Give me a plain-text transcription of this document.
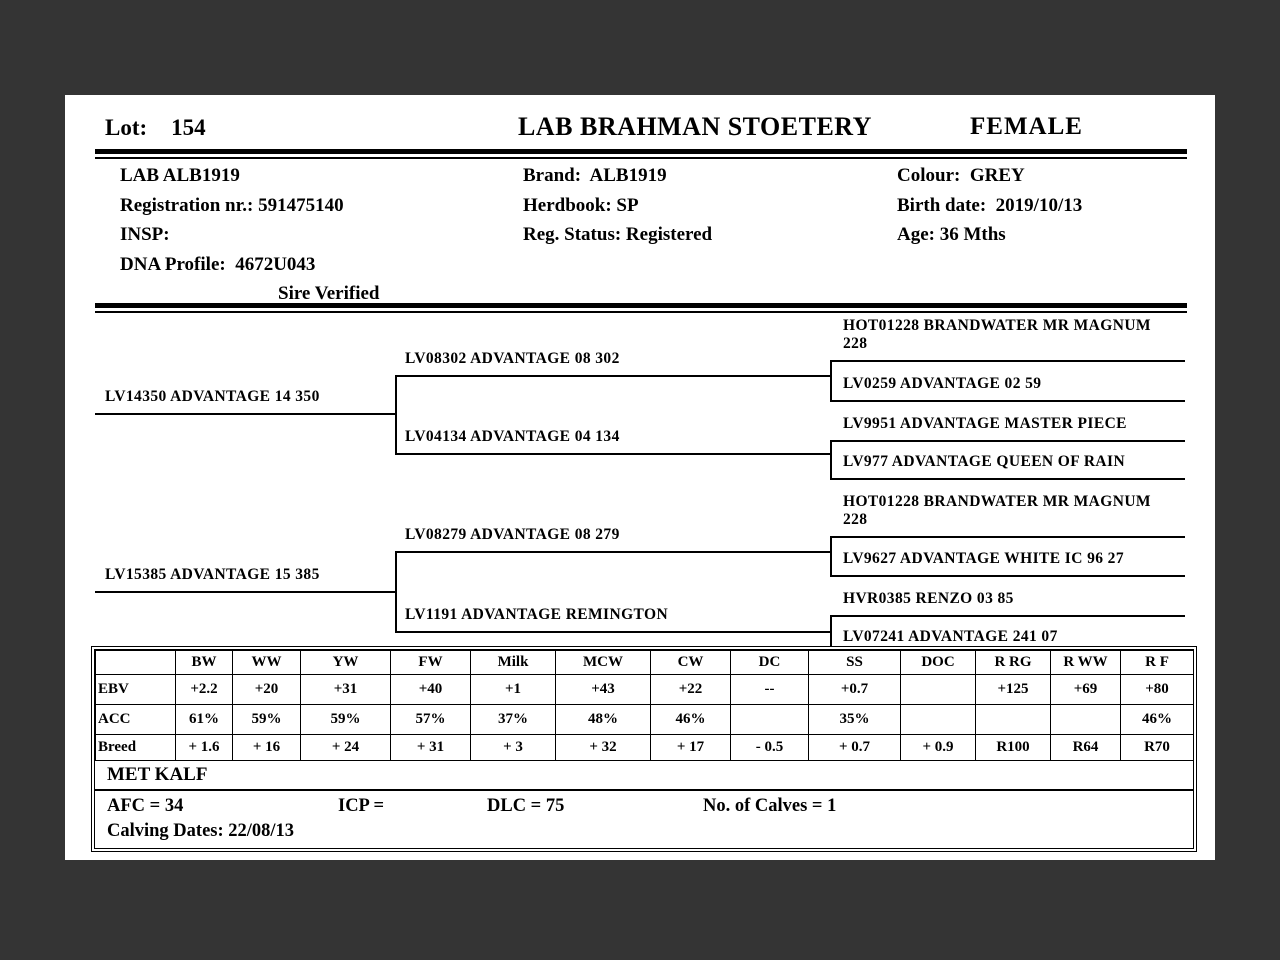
Lot: 154	LAB BRAHMAN STOETERY	FEMALE
LAB ALB1919
Registration nr.: 591475140
INSP:
DNA Profile:  4672U043
Sire Verified
Brand:  ALB1919
Herdbook: SP
Reg. Status: Registered
Colour:  GREY
Birth date:  2019/10/13
Age: 36 Mths
LV14350 ADVANTAGE 14 350
LV15385 ADVANTAGE 15 385
LV08302 ADVANTAGE 08 302
LV04134 ADVANTAGE 04 134
LV08279 ADVANTAGE 08 279
LV1191 ADVANTAGE REMINGTON
HOT01228 BRANDWATER MR MAGNUM
228
LV0259 ADVANTAGE 02 59
LV9951 ADVANTAGE MASTER PIECE
LV977 ADVANTAGE QUEEN OF RAIN
HOT01228 BRANDWATER MR MAGNUM
228
LV9627 ADVANTAGE WHITE IC 96 27
HVR0385 RENZO 03 85
LV07241 ADVANTAGE 241 07
	BW	WW	YW	FW	Milk	MCW	CW	DC	SS	DOC	R RG	R WW	R F
EBV	+2.2	+20	+31	+40	+1	+43	+22	--	+0.7		+125	+69	+80
ACC	61%	59%	59%	57%	37%	48%	46%		35%				46%
Breed	+ 1.6	+ 16	+ 24	+ 31	+ 3	+ 32	+ 17	- 0.5	+ 0.7	+ 0.9	R100	R64	R70
MET KALF
AFC = 34	ICP =	DLC = 75	No. of Calves = 1
Calving Dates: 22/08/13
